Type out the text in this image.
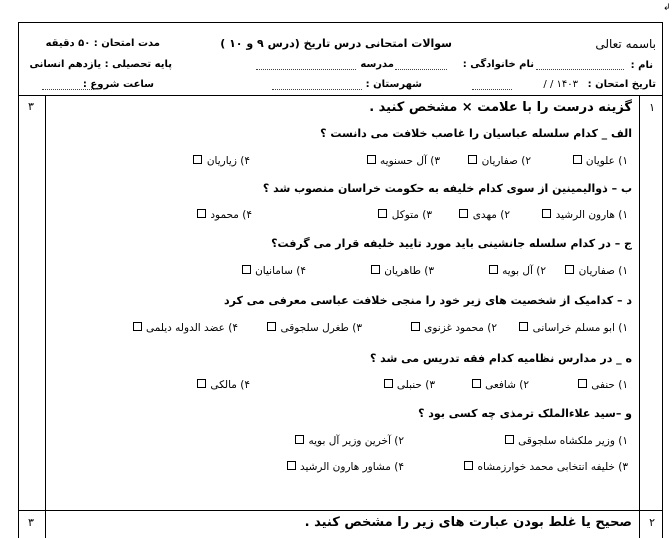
↲
باسمه تعالی
سوالات امتحانی درس تاریخ (درس ۹ و ۱۰ )
مدت امتحان : ۵۰ دقیقه
نام :
نام خانوادگی :
مدرسه
پایه تحصیلی : یازدهم انسانی
تاریخ امتحان :
/ / ۱۴۰۳
شهرستان :
ساعت شروع :
۱
۳	گزینه درست را با علامت × مشخص کنید .
الف _ کدام سلسله عباسیان را غاصب خلافت می دانست ؟
۱) علویان
۲) صفاریان
۳) آل حسنویه
۴) زیاریان
ب – ذوالیمینین از سوی کدام خلیفه به حکومت خراسان منصوب شد ؟
۱) هارون الرشید
۲) مهدی
۳) متوکل
۴) محمود
ج – در کدام سلسله جانشینی باید مورد تایید خلیفه قرار می گرفت؟
۱) صفاریان
۲) آل بویه
۳) طاهریان
۴) سامانیان
د – کدامیک از شخصیت های زیر خود را منجی خلافت عباسی معرفی می کرد
۱) ابو مسلم خراسانی
۲) محمود غزنوی
۳) طغرل سلجوقی
۴) عضد الدوله دیلمی
ه _ در مدارس نظامیه کدام فقه تدریس می شد ؟
۱) حنفی
۲) شافعی
۳) حنبلی
۴) مالکی
و –سید علاءالملک ترمذی چه کسی بود ؟
۱) وزیر ملکشاه سلجوقی
۲) آخرین وزیر آل بویه
۳) خلیفه انتخابی محمد خوارزمشاه
۴) مشاور هارون الرشید
۲
۳	صحیح یا غلط بودن عبارت های زیر را مشخص کنید .
